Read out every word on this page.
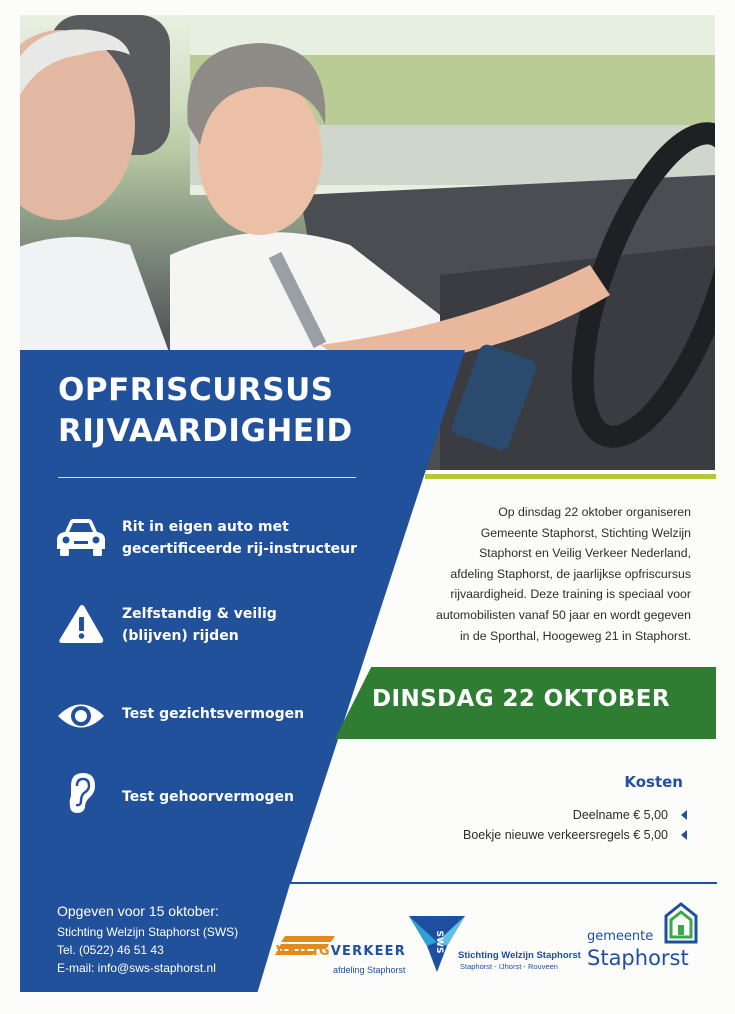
OPFRISCURSUS
RIJVAARDIGHEID
Rit in eigen auto met
gecertificeerde rij-instructeur
Zelfstandig & veilig
(blijven) rijden
Test gezichtsvermogen
Test gehoorvermogen
Op dinsdag 22 oktober organiseren
Gemeente Staphorst, Stichting Welzijn
Staphorst en Veilig Verkeer Nederland,
afdeling Staphorst, de jaarlijkse opfriscursus
rijvaardigheid. Deze training is speciaal voor
automobilisten vanaf 50 jaar en wordt gegeven
in de Sporthal, Hoogeweg 21 in Staphorst.
DINSDAG 22 OKTOBER
Kosten
Deelname € 5,00
Boekje nieuwe verkeersregels € 5,00
Opgeven voor 15 oktober:
Stichting Welzijn Staphorst (SWS)
Tel. (0522) 46 51 43
E-mail: info@sws-staphorst.nl
VEILIGVERKEER
afdeling Staphorst
SWS
Stichting Welzijn Staphorst
Staphorst - IJhorst - Rouveen
gemeente
Staphorst
